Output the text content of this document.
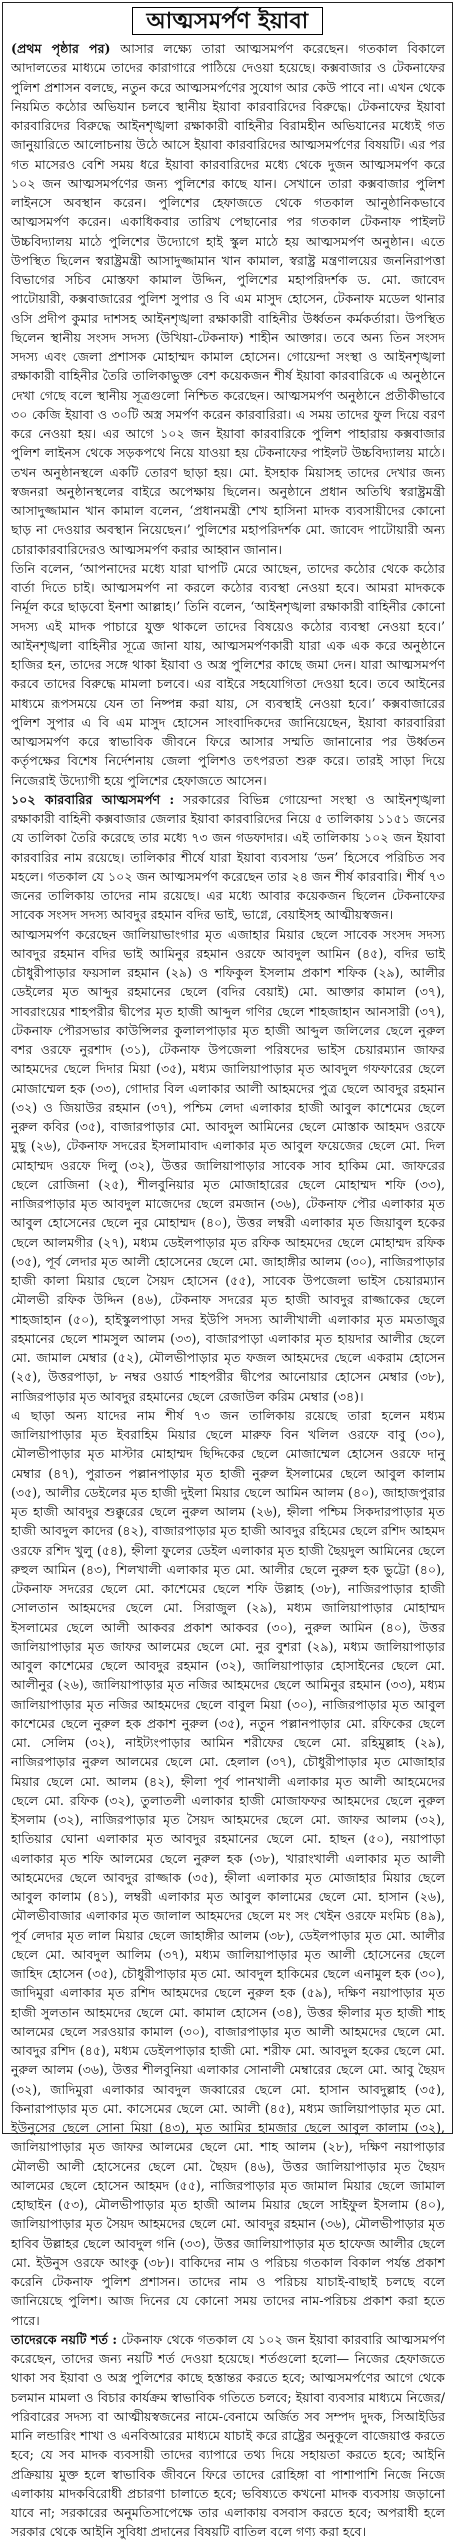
আত্মসমর্পণ ইয়াবা

(প্রথম পৃষ্ঠার পর) আসার লক্ষ্যে তারা আত্মসমর্পণ করেছেন। গতকাল বিকালে আদালতের মাধ্যমে তাদের কারাগারে পাঠিয়ে দেওয়া হয়েছে। কক্সবাজার ও টেকনাফের পুলিশ প্রশাসন বলছে, নতুন করে আত্মসমর্পণের সুযোগ আর কেউ পাবে না। এখন থেকে নিয়মিত কঠোর অভিযান চলবে স্থানীয় ইয়াবা কারবারিদের বিরুদ্ধে। টেকনাফের ইয়াবা কারবারিদের বিরুদ্ধে আইনশৃঙ্খলা রক্ষাকারী বাহিনীর বিরামহীন অভিযানের মধ্যেই গত জানুয়ারিতে আলোচনায় উঠে আসে ইয়াবা কারবারিদের আত্মসমর্পণের বিষয়টি। এর পর গত মাসেরও বেশি সময় ধরে ইয়াবা কারবারিদের মধ্যে থেকে দুজন আত্মসমর্পণ করে ১০২ জন আত্মসমর্পণের জন্য পুলিশের কাছে যান। সেখানে তারা কক্সবাজার পুলিশ লাইনসে অবস্থান করেন। পুলিশের হেফাজতে থেকে গতকাল আনুষ্ঠানিকভাবে আত্মসমর্পণ করেন। একাধিকবার তারিখ পেছানোর পর গতকাল টেকনাফ পাইলট উচ্চবিদ্যালয় মাঠে পুলিশের উদ্যোগে হাই স্কুল মাঠে হয় আত্মসমর্পণ অনুষ্ঠান। এতে উপস্থিত ছিলেন স্বরাষ্ট্রমন্ত্রী আসাদুজ্জামান খান কামাল, স্বরাষ্ট্র মন্ত্রণালয়ের জননিরাপত্তা বিভাগের সচিব মোস্তফা কামাল উদ্দিন, পুলিশের মহাপরিদর্শক ড. মো. জাবেদ পাটোয়ারী, কক্সবাজারের পুলিশ সুপার ও বি এম মাসুদ হোসেন, টেকনাফ মডেল থানার ওসি প্রদীপ কুমার দাশসহ আইনশৃঙ্খলা রক্ষাকারী বাহিনীর উর্ধ্বতন কর্মকর্তারা। উপস্থিত ছিলেন স্থানীয় সংসদ সদস্য (উখিয়া-টেকনাফ) শাহীন আক্তার। তবে অন্য তিন সংসদ সদস্য এবং জেলা প্রশাসক মোহাম্মদ কামাল হোসেন। গোয়েন্দা সংস্থা ও আইনশৃঙ্খলা রক্ষাকারী বাহিনীর তৈরি তালিকাভুক্ত বেশ কয়েকজন শীর্ষ ইয়াবা কারবারিকে এ অনুষ্ঠানে দেখা গেছে বলে স্থানীয় সূত্রগুলো নিশ্চিত করেছেন। আত্মসমর্পণ অনুষ্ঠানে প্রতীকীভাবে ৩০ কেজি ইয়াবা ও ৩০টি অস্ত্র সমর্পণ করেন কারবারিরা। এ সময় তাদের ফুল দিয়ে বরণ করে নেওয়া হয়। এর আগে ১০২ জন ইয়াবা কারবারিকে পুলিশ পাহারায় কক্সবাজার পুলিশ লাইনস থেকে সড়কপথে নিয়ে যাওয়া হয় টেকনাফের পাইলট উচ্চবিদ্যালয় মাঠে। তখন অনুষ্ঠানস্থলে একটি তোরণ ছাড়া হয়। মো. ইসহাক মিয়াসহ তাদের দেখার জন্য স্বজনরা অনুষ্ঠানস্থলের বাইরে অপেক্ষায় ছিলেন। অনুষ্ঠানে প্রধান অতিথি স্বরাষ্ট্রমন্ত্রী আসাদুজ্জামান খান কামাল বলেন, ‘প্রধানমন্ত্রী শেখ হাসিনা মাদক ব্যবসায়ীদের কোনো ছাড় না দেওয়ার অবস্থান নিয়েছেন।’ পুলিশের মহাপরিদর্শক মো. জাবেদ পাটোয়ারী অন্য চোরাকারবারিদেরও আত্মসমর্পণ করার আহ্বান জানান।

তিনি বলেন, ‘আপনাদের মধ্যে যারা ঘাপটি মেরে আছেন, তাদের কঠোর থেকে কঠোর বার্তা দিতে চাই। আত্মসমর্পণ না করলে কঠোর ব্যবস্থা নেওয়া হবে। আমরা মাদককে নির্মূল করে ছাড়বো ইনশা আল্লাহ।’ তিনি বলেন, ‘আইনশৃঙ্খলা রক্ষাকারী বাহিনীর কোনো সদস্য এই মাদক পাচারে যুক্ত থাকলে তাদের বিষয়েও কঠোর ব্যবস্থা নেওয়া হবে।’ আইনশৃঙ্খলা বাহিনীর সূত্রে জানা যায়, আত্মসমর্পণকারী যারা এক এক করে অনুষ্ঠানে হাজির হন, তাদের সঙ্গে থাকা ইয়াবা ও অস্ত্র পুলিশের কাছে জমা দেন। যারা আত্মসমর্পণ করবে তাদের বিরুদ্ধে মামলা চলবে। এর বাইরে সহযোগিতা দেওয়া হবে। তবে আইনের মাধ্যমে রূপসময়ে যেন তা নিষ্পন্ন করা যায়, সে ব্যবস্থাই নেওয়া হবে।’ কক্সবাজারের পুলিশ সুপার এ বি এম মাসুদ হোসেন সাংবাদিকদের জানিয়েছেন, ইয়াবা কারবারিরা আত্মসমর্পণ করে স্বাভাবিক জীবনে ফিরে আসার সম্মতি জানানোর পর উর্ধ্বতন কর্তৃপক্ষের বিশেষ নির্দেশনায় জেলা পুলিশও তৎপরতা শুরু করে। তারই সাড়া দিয়ে নিজেরাই উদ্যোগী হয়ে পুলিশের হেফাজতে আসেন।

১০২ কারবারির আত্মসমর্পণ : সরকারের বিভিন্ন গোয়েন্দা সংস্থা ও আইনশৃঙ্খলা রক্ষাকারী বাহিনী কক্সবাজার জেলার ইয়াবা কারবারিদের নিয়ে ৫ তালিকায় ১১৫১ জনের যে তালিকা তৈরি করেছে তার মধ্যে ৭৩ জন গডফাদার। এই তালিকায় ১০২ জন ইয়াবা কারবারির নাম রয়েছে। তালিকার শীর্ষে যারা ইয়াবা ব্যবসায় ‘ডন’ হিসেবে পরিচিত সব মহলে। গতকাল যে ১০২ জন আত্মসমর্পণ করেছেন তার ২৪ জন শীর্ষ কারবারি। শীর্ষ ৭৩ জনের তালিকায় তাদের নাম রয়েছে। এর মধ্যে আবার কয়েকজন ছিলেন টেকনাফের সাবেক সংসদ সদস্য আবদুর রহমান বদির ভাই, ভাগ্নে, বেয়াইসহ আত্মীয়স্বজন।

আত্মসমর্পণ করেছেন জালিয়াভাংগার মৃত এজাহার মিয়ার ছেলে সাবেক সংসদ সদস্য আবদুর রহমান বদির ভাই আমিনুর রহমান ওরফে আবদুল আমিন (৪৫), বদির ভাই চৌধুরীপাড়ার ফয়সাল রহমান (২৯) ও শফিকুল ইসলাম প্রকাশ শফিক (২৯), আলীর ডেইলের মৃত আব্দুর রহমানের ছেলে (বদির বেয়াই) মো. আক্তার কামাল (৩৭), সাবরাংয়ের শাহপরীর দ্বীপের মৃত হাজী আব্দুল গণির ছেলে শাহজাহান আনসারী (৩৭), টেকনাফ পৌরসভার কাউন্সিলর কুলালপাড়ার মৃত হাজী আব্দুল জলিলের ছেলে নুরুল বশর ওরফে নুরশাদ (৩১), টেকনাফ উপজেলা পরিষদের ভাইস চেয়ারম্যান জাফর আহমদের ছেলে দিদার মিয়া (৩৫), মধ্যম জালিয়াপাড়ার মৃত আবদুল গফফারের ছেলে মোজাম্মেল হক (৩৩), গোদার বিল এলাকার আলী আহমদের পুত্র ছেলে আবদুর রহমান (৩২) ও জিয়াউর রহমান (৩৭), পশ্চিম লেদা এলাকার হাজী আবুল কাশেমের ছেলে নুরুল কবির (৩৫), বাজারপাড়ার মো. আবদুল আমিনের ছেলে মোস্তাক আহমদ ওরফে মুছু (২৬), টেকনাফ সদরের ইসলামাবাদ এলাকার মৃত আবুল ফয়েজের ছেলে মো. দিল মোহাম্মদ ওরফে দিলু (৩২), উত্তর জালিয়াপাড়ার সাবেক সাব হাকিম মো. জাফরের ছেলে রোজিনা (২৫), শীলবুনিয়ার মৃত মোজাহারের ছেলে মোহাম্মদ শফি (৩৩), নাজিরপাড়ার মৃত আবদুল মাজেদের ছেলে রমজান (৩৬), টেকনাফ পৌর এলাকার মৃত আবুল হোসেনের ছেলে নুর মোহাম্মদ (৪০), উত্তর লম্বরী এলাকার মৃত জিয়াবুল হকের ছেলে আলমগীর (২৭), মধ্যম ডেইলপাড়ার মৃত রফিক আহমদের ছেলে মোহাম্মদ রফিক (৩৫), পূর্ব লেদার মৃত আলী হোসেনের ছেলে মো. জাহাঙ্গীর আলম (৩০), নাজিরপাড়ার হাজী কালা মিয়ার ছেলে সৈয়দ হোসেন (৫৫), সাবেক উপজেলা ভাইস চেয়ারম্যান মৌলভী রফিক উদ্দিন (৪৬), টেকনাফ সদরের মৃত হাজী আবদুর রাজ্জাকের ছেলে শাহজাহান (৫০), হাইস্কুলপাড়া সদর ইউপি সদস্য আলীখালী এলাকার মৃত মমতাজুর রহমানের ছেলে শামসুল আলম (৩৩), বাজারপাড়া এলাকার মৃত হায়দার আলীর ছেলে মো. জামাল মেম্বার (৫২), মৌলভীপাড়ার মৃত ফজল আহমদের ছেলে একরাম হোসেন (২৫), উত্তরপাড়া, ৮ নম্বর ওয়ার্ড শাহপরীর দ্বীপের আনোয়ার হোসেন মেম্বার (৩৮), নাজিরপাড়ার মৃত আবদুর রহমানের ছেলে রেজাউল করিম মেম্বার (৩৪)।

এ ছাড়া অন্য যাদের নাম শীর্ষ ৭৩ জন তালিকায় রয়েছে তারা হলেন মধ্যম জালিয়াপাড়ার মৃত ইবরাহিম মিয়ার ছেলে মারুফ বিন খলিল ওরফে বাবু (৩০), মৌলভীপাড়ার মৃত মাস্টার মোহাম্মদ ছিদ্দিকের ছেলে মোজাম্মেল হোসেন ওরফে দানু মেম্বার (৪৭), পুরাতন পল্লানপাড়ার মৃত হাজী নুরুল ইসলামের ছেলে আবুল কালাম (৩৫), আলীর ডেইলের মৃত হাজী দুইলা মিয়ার ছেলে আমিন আলম (৪০), জাহাজপুরার মৃত হাজী আবদুর শুক্কুরের ছেলে নুরুল আলম (২৬), হ্নীলা পশ্চিম সিকদারপাড়ার মৃত হাজী আবদুল কাদের (৪২), বাজারপাড়ার মৃত হাজী আবদুর রহিমের ছেলে রশিদ আহমদ ওরফে রশিদ খুলু (৫৪), হ্নীলা ফুলের ডেইল এলাকার মৃত হাজী ছৈয়দুল আমিনের ছেলে রুহুল আমিন (৪৩), শিলখালী এলাকার মৃত মো. আলীর ছেলে নুরুল হক ভুট্টো (৪০), টেকনাফ সদরের ছেলে মো. কাশেমের ছেলে শফি উল্লাহ (৩৮), নাজিরপাড়ার হাজী সোলতান আহমদের ছেলে মো. সিরাজুল (২৯), মধ্যম জালিয়াপাড়ার মোহাম্মদ ইসলামের ছেলে আলী আকবর প্রকাশ আকবর (৩০), নুরুল আমিন (৪০), উত্তর জালিয়াপাড়ার মৃত জাফর আলমের ছেলে মো. নুর বুশরা (২৯), মধ্যম জালিয়াপাড়ার আবুল কাশেমের ছেলে আবদুর রহমান (৩২), জালিয়াপাড়ার হোসাইনের ছেলে মো. আলীনুর (২৬), জালিয়াপাড়ার মৃত নজির আহমদের ছেলে আমিনুর রহমান (৩৩), মধ্যম জালিয়াপাড়ার মৃত নজির আহমদের ছেলে বাবুল মিয়া (৩০), নাজিরপাড়ার মৃত আবুল কাশেমের ছেলে নুরুল হক প্রকাশ নুরুল (৩৫), নতুন পল্লানপাড়ার মো. রফিকের ছেলে মো. সেলিম (৩২), নাইট্যংপাড়ার আমিন শরীফের ছেলে মো. রহিমুল্লাহ (২৯), নাজিরপাড়ার নুরুল আলমের ছেলে মো. হেলাল (৩৭), চৌধুরীপাড়ার মৃত মোজাহার মিয়ার ছেলে মো. আলম (৪২), হ্নীলা পূর্ব পানখালী এলাকার মৃত আলী আহমেদের ছেলে মো. রফিক (৩২), তুলাতলী এলাকার হাজী মোজাফফর আহমদের ছেলে নুরুল ইসলাম (৩২), নাজিরপাড়ার মৃত সৈয়দ আহমদের ছেলে মো. জাফর আলম (৩২), হাতিয়ার ঘোনা এলাকার মৃত আবদুর রহমানের ছেলে মো. হাছন (৫০), নয়াপাড়া এলাকার মৃত শফি আলমের ছেলে নুরুল হক (৩৮), খারাংখালী এলাকার মৃত আলী আহমেদের ছেলে আবদুর রাজ্জাক (৩৫), হ্নীলা এলাকার মৃত মোজাহার মিয়ার ছেলে আবুল কালাম (৪১), লম্বরী এলাকার মৃত আবুল কালামের ছেলে মো. হাসান (২৬), মৌলভীবাজার এলাকার মৃত জালাল আহমদের ছেলে মং সং খেইন ওরফে মংমিচ (৪৯), পূর্ব লেদার মৃত লাল মিয়ার ছেলে জাহাঙ্গীর আলম (৩৮), ডেইলপাড়ার মৃত মো. আলীর ছেলে মো. আবদুল আলিম (৩৭), মধ্যম জালিয়াপাড়ার মৃত আলী হোসেনের ছেলে জাহিদ হোসেন (৩৫), চৌধুরীপাড়ার মৃত মো. আবদুল হাকিমের ছেলে এনামুল হক (৩০), জাদিমুরা এলাকার মৃত রশিদ আহমদের ছেলে নুরুল হক (৫৯), দক্ষিণ নয়াপাড়ার মৃত হাজী সুলতান আহমদের ছেলে মো. কামাল হোসেন (৩৪), উত্তর হ্নীলার মৃত হাজী শাহ আলমের ছেলে সরওয়ার কামাল (৩০), বাজারপাড়ার মৃত আলী আহমদের ছেলে মো. আবদুর রশিদ (৪৫), মধ্যম ডেইলপাড়ার হাজী মো. শরীফ মো. আবদুল হকের ছেলে মো. নুরুল আলম (৩৬), উত্তর শীলবুনিয়া এলাকার সোনালী মেম্বারের ছেলে মো. আবু ছৈয়দ (৩২), জাদিমুরা এলাকার আবদুল জব্বারের ছেলে মো. হাসান আবদুল্লাহ (৩৫), কিনারাপাড়ার মৃত মো. কাসেমের ছেলে মো. আলী (৪৫), মধ্যম জালিয়াপাড়ার মৃত মো. ইউনুসের ছেলে সোনা মিয়া (৪৩), মৃত আমির হামজার ছেলে আবুল কালাম (৩২), জালিয়াপাড়ার মৃত জাফর আলমের ছেলে মো. শাহ আলম (২৮), দক্ষিণ নয়াপাড়ার মৌলভী আলী হোসেনের ছেলে মো. ছৈয়দ (৪৬), উত্তর জালিয়াপাড়ার মৃত ছৈয়দ আলমের ছেলে হোসেন আহমদ (৫৫), নাজিরপাড়ার মৃত জামাল মিয়ার ছেলে জামাল হোছাইন (৫৩), মৌলভীপাড়ার মৃত হাজী আলম মিয়ার ছেলে সাইফুল ইসলাম (৪০), জালিয়াপাড়ার মৃত সৈয়দ আহমদের ছেলে মো. আবদুর রহমান (৩৬), মৌলভীপাড়ার মৃত হাবিব উল্লাহর ছেলে আবদুল গনি (৩৩), উত্তর জালিয়াপাড়ার মৃত হাফেজ আলীর ছেলে মো. ইউনুস ওরফে আংকু (৩৮)। বাকিদের নাম ও পরিচয় গতকাল বিকাল পর্যন্ত প্রকাশ করেনি টেকনাফ পুলিশ প্রশাসন। তাদের নাম ও পরিচয় যাচাই-বাছাই চলছে বলে জানিয়েছে পুলিশ। আজ দিনের যে কোনো সময় তাদের নাম-পরিচয় প্রকাশ করা হতে পারে।

তাদেরকে নয়টি শর্ত : টেকনাফ থেকে গতকাল যে ১০২ জন ইয়াবা কারবারি আত্মসমর্পণ করেছেন, তাদের জন্য নয়টি শর্ত দেওয়া হয়েছে। শর্তগুলো হলো— নিজের হেফাজতে থাকা সব ইয়াবা ও অস্ত্র পুলিশের কাছে হস্তান্তর করতে হবে; আত্মসমর্পণের আগে থেকে চলমান মামলা ও বিচার কার্যক্রম স্বাভাবিক গতিতে চলবে; ইয়াবা ব্যবসার মাধ্যমে নিজের/পরিবারের সদস্য বা আত্মীয়স্বজনের নামে-বেনামে অর্জিত সব সম্পদ দুদক, সিআইডির মানি লন্ডারিং শাখা ও এনবিআরের মাধ্যমে যাচাই করে রাষ্ট্রের অনুকূলে বাজেয়াপ্ত করতে হবে; যে সব মাদক ব্যবসায়ী তাদের ব্যাপারে তথ্য দিয়ে সহায়তা করতে হবে; আইনি প্রক্রিয়ায় মুক্ত হলে স্বাভাবিক জীবনে ফিরে তাদের রোহিঙ্গা বা পাশাপাশি নিজে নিজে এলাকায় মাদকবিরোধী প্রচারণা চালাতে হবে; ভবিষ্যতে কখনো মাদক ব্যবসায় জড়ানো যাবে না; সরকারের অনুমতিসাপেক্ষে তার এলাকায় বসবাস করতে হবে; অপরাধী হলে সরকার থেকে আইনি সুবিধা প্রদানের বিষয়টি বাতিল বলে গণ্য করা হবে।
